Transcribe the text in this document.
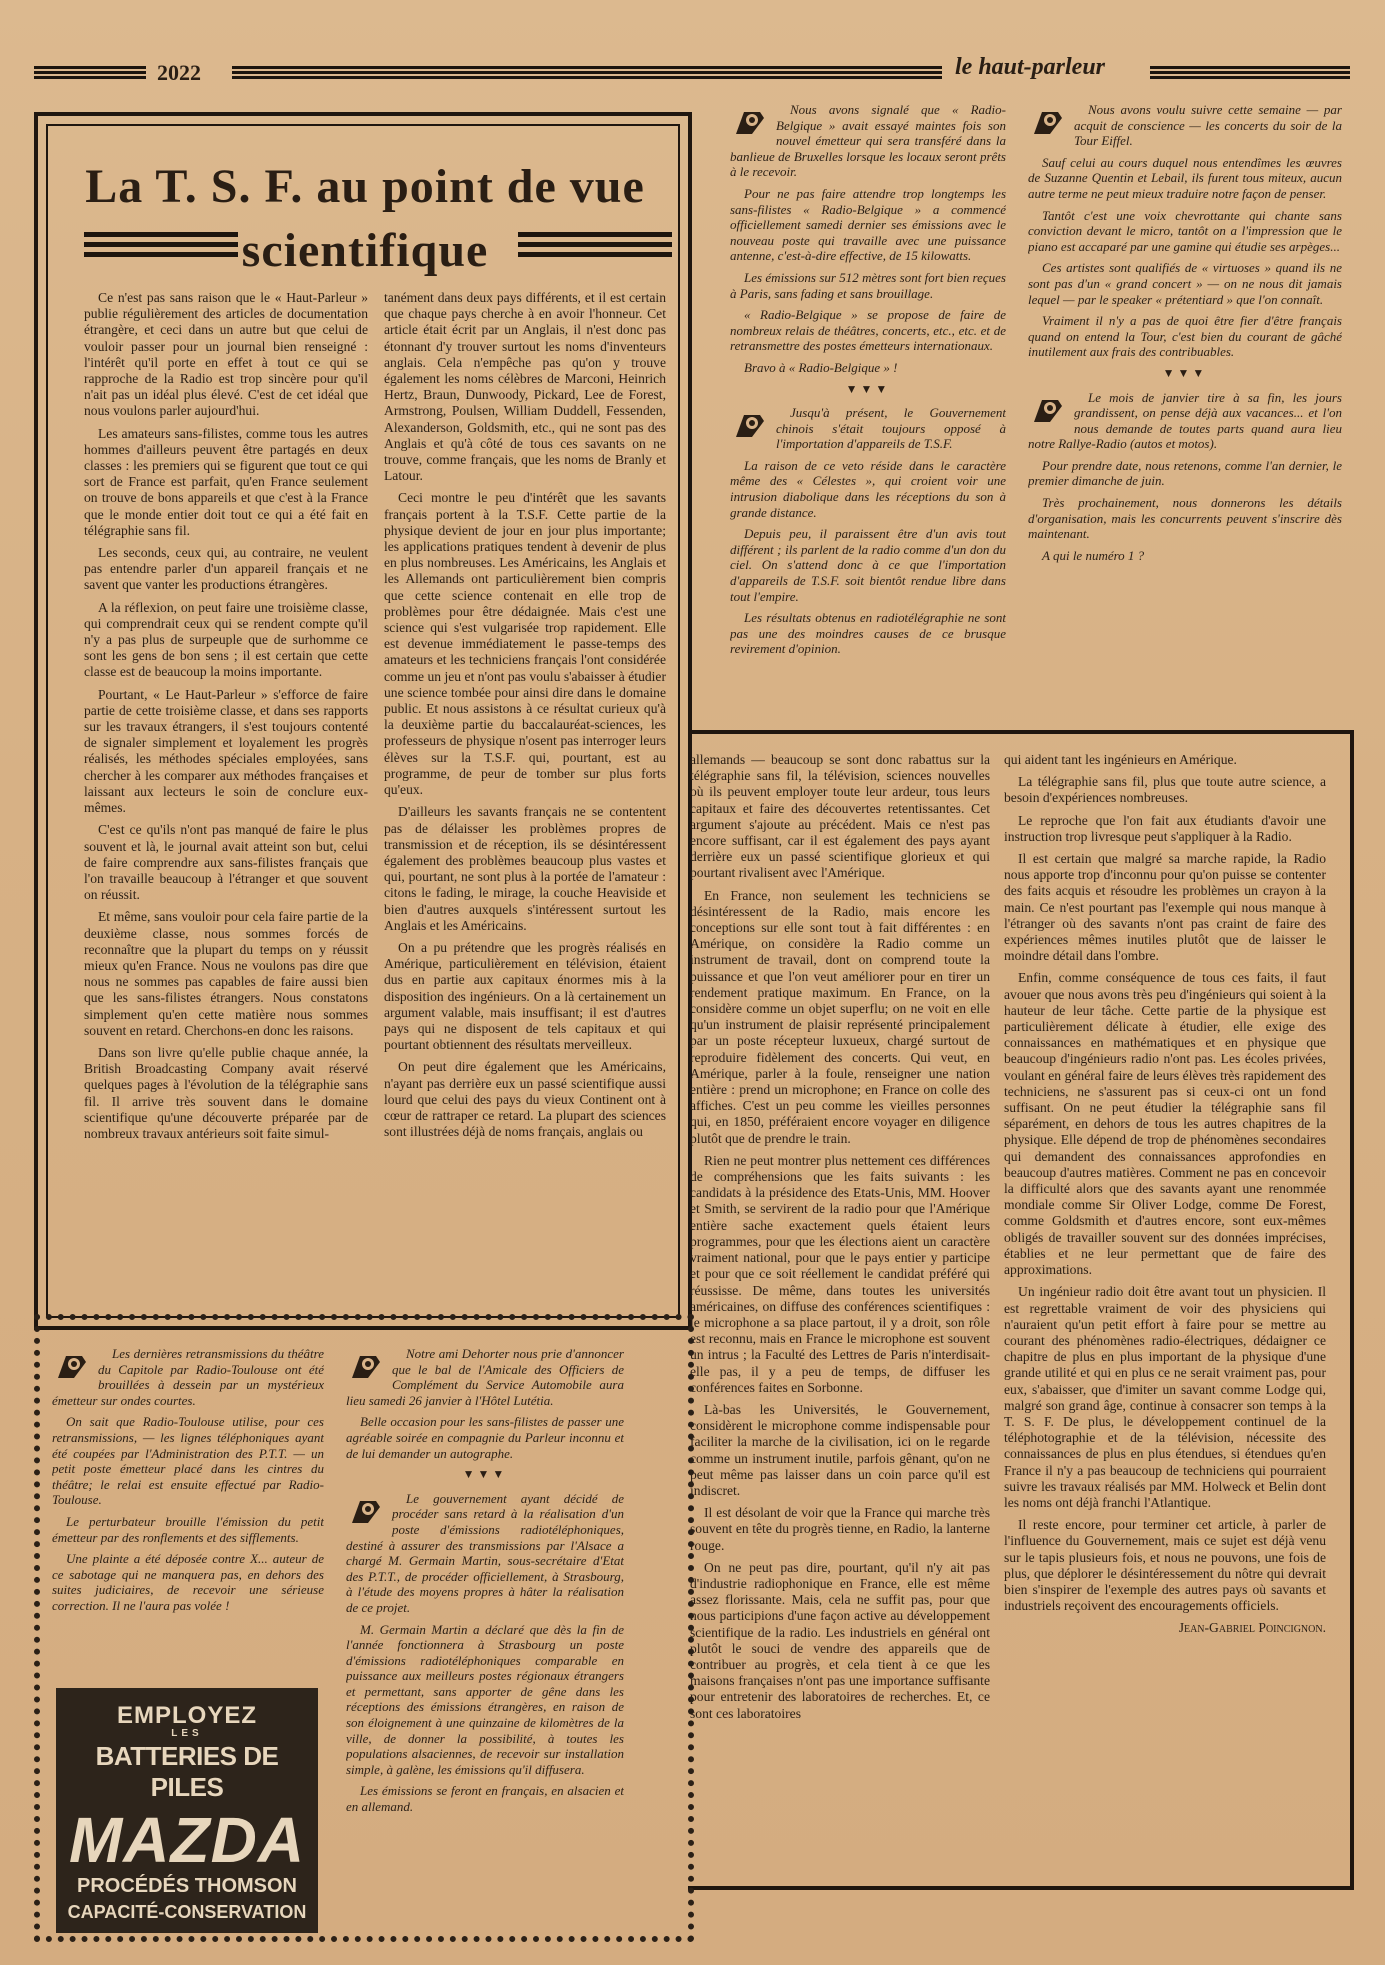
2022	le haut-parleur
La T. S. F. au point de vue
scientifique

Ce n'est pas sans raison que le « Haut-Parleur » publie régulièrement des articles de documentation étrangère, et ceci dans un autre but que celui de vouloir passer pour un journal bien renseigné : l'intérêt qu'il porte en effet à tout ce qui se rapproche de la Radio est trop sincère pour qu'il n'ait pas un idéal plus élevé. C'est de cet idéal que nous voulons parler aujourd'hui.

Les amateurs sans-filistes, comme tous les autres hommes d'ailleurs peuvent être partagés en deux classes : les premiers qui se figurent que tout ce qui sort de France est parfait, qu'en France seulement on trouve de bons appareils et que c'est à la France que le monde entier doit tout ce qui a été fait en télégraphie sans fil.

Les seconds, ceux qui, au contraire, ne veulent pas entendre parler d'un appareil français et ne savent que vanter les productions étrangères.

A la réflexion, on peut faire une troisième classe, qui comprendrait ceux qui se rendent compte qu'il n'y a pas plus de surpeuple que de surhomme ce sont les gens de bon sens ; il est certain que cette classe est de beaucoup la moins importante.

Pourtant, « Le Haut-Parleur » s'efforce de faire partie de cette troisième classe, et dans ses rapports sur les travaux étrangers, il s'est toujours contenté de signaler simplement et loyalement les progrès réalisés, les méthodes spéciales employées, sans chercher à les comparer aux méthodes françaises et laissant aux lecteurs le soin de conclure eux-mêmes.

C'est ce qu'ils n'ont pas manqué de faire le plus souvent et là, le journal avait atteint son but, celui de faire comprendre aux sans-filistes français que l'on travaille beaucoup à l'étranger et que souvent on réussit.

Et même, sans vouloir pour cela faire partie de la deuxième classe, nous sommes forcés de reconnaître que la plupart du temps on y réussit mieux qu'en France. Nous ne voulons pas dire que nous ne sommes pas capables de faire aussi bien que les sans-filistes étrangers. Nous constatons simplement qu'en cette matière nous sommes souvent en retard. Cherchons-en donc les raisons.

Dans son livre qu'elle publie chaque année, la British Broadcasting Company avait réservé quelques pages à l'évolution de la télégraphie sans fil. Il arrive très souvent dans le domaine scientifique qu'une découverte préparée par de nombreux travaux antérieurs soit faite simul-

tanément dans deux pays différents, et il est certain que chaque pays cherche à en avoir l'honneur. Cet article était écrit par un Anglais, il n'est donc pas étonnant d'y trouver surtout les noms d'inventeurs anglais. Cela n'empêche pas qu'on y trouve également les noms célèbres de Marconi, Heinrich Hertz, Braun, Dunwoody, Pickard, Lee de Forest, Armstrong, Poulsen, William Duddell, Fessenden, Alexanderson, Goldsmith, etc., qui ne sont pas des Anglais et qu'à côté de tous ces savants on ne trouve, comme français, que les noms de Branly et Latour.

Ceci montre le peu d'intérêt que les savants français portent à la T.S.F. Cette partie de la physique devient de jour en jour plus importante; les applications pratiques tendent à devenir de plus en plus nombreuses. Les Américains, les Anglais et les Allemands ont particulièrement bien compris que cette science contenait en elle trop de problèmes pour être dédaignée. Mais c'est une science qui s'est vulgarisée trop rapidement. Elle est devenue immédiatement le passe-temps des amateurs et les techniciens français l'ont considérée comme un jeu et n'ont pas voulu s'abaisser à étudier une science tombée pour ainsi dire dans le domaine public. Et nous assistons à ce résultat curieux qu'à la deuxième partie du baccalauréat-sciences, les professeurs de physique n'osent pas interroger leurs élèves sur la T.S.F. qui, pourtant, est au programme, de peur de tomber sur plus forts qu'eux.

D'ailleurs les savants français ne se contentent pas de délaisser les problèmes propres de transmission et de réception, ils se désintéressent également des problèmes beaucoup plus vastes et qui, pourtant, ne sont plus à la portée de l'amateur : citons le fading, le mirage, la couche Heaviside et bien d'autres auxquels s'intéressent surtout les Anglais et les Américains.

On a pu prétendre que les progrès réalisés en Amérique, particulièrement en télévision, étaient dus en partie aux capitaux énormes mis à la disposition des ingénieurs. On a là certainement un argument valable, mais insuffisant; il est d'autres pays qui ne disposent de tels capitaux et qui pourtant obtiennent des résultats merveilleux.

On peut dire également que les Américains, n'ayant pas derrière eux un passé scientifique aussi lourd que celui des pays du vieux Continent ont à cœur de rattraper ce retard. La plupart des sciences sont illustrées déjà de noms français, anglais ou

allemands — beaucoup se sont donc rabattus sur la télégraphie sans fil, la télévision, sciences nouvelles où ils peuvent employer toute leur ardeur, tous leurs capitaux et faire des découvertes retentissantes. Cet argument s'ajoute au précédent. Mais ce n'est pas encore suffisant, car il est également des pays ayant derrière eux un passé scientifique glorieux et qui pourtant rivalisent avec l'Amérique.

En France, non seulement les techniciens se désintéressent de la Radio, mais encore les conceptions sur elle sont tout à fait différentes : en Amérique, on considère la Radio comme un instrument de travail, dont on comprend toute la puissance et que l'on veut améliorer pour en tirer un rendement pratique maximum. En France, on la considère comme un objet superflu; on ne voit en elle qu'un instrument de plaisir représenté principalement par un poste récepteur luxueux, chargé surtout de reproduire fidèlement des concerts. Qui veut, en Amérique, parler à la foule, renseigner une nation entière : prend un microphone; en France on colle des affiches. C'est un peu comme les vieilles personnes qui, en 1850, préféraient encore voyager en diligence plutôt que de prendre le train.

Rien ne peut montrer plus nettement ces différences de compréhensions que les faits suivants : les candidats à la présidence des Etats-Unis, MM. Hoover et Smith, se servirent de la radio pour que l'Amérique entière sache exactement quels étaient leurs programmes, pour que les élections aient un caractère vraiment national, pour que le pays entier y participe et pour que ce soit réellement le candidat préféré qui réussisse. De même, dans toutes les universités américaines, on diffuse des conférences scientifiques : le microphone a sa place partout, il y a droit, son rôle est reconnu, mais en France le microphone est souvent un intrus ; la Faculté des Lettres de Paris n'interdisait-elle pas, il y a peu de temps, de diffuser les conférences faites en Sorbonne.

Là-bas les Universités, le Gouvernement, considèrent le microphone comme indispensable pour faciliter la marche de la civilisation, ici on le regarde comme un instrument inutile, parfois gênant, qu'on ne peut même pas laisser dans un coin parce qu'il est indiscret.

Il est désolant de voir que la France qui marche très souvent en tête du progrès tienne, en Radio, la lanterne rouge.

On ne peut pas dire, pourtant, qu'il n'y ait pas d'industrie radiophonique en France, elle est même assez florissante. Mais, cela ne suffit pas, pour que nous participions d'une façon active au développement scientifique de la radio. Les industriels en général ont plutôt le souci de vendre des appareils que de contribuer au progrès, et cela tient à ce que les maisons françaises n'ont pas une importance suffisante pour entretenir des laboratoires de recherches. Et, ce sont ces laboratoires

qui aident tant les ingénieurs en Amérique.

La télégraphie sans fil, plus que toute autre science, a besoin d'expériences nombreuses.

Le reproche que l'on fait aux étudiants d'avoir une instruction trop livresque peut s'appliquer à la Radio.

Il est certain que malgré sa marche rapide, la Radio nous apporte trop d'inconnu pour qu'on puisse se contenter des faits acquis et résoudre les problèmes un crayon à la main. Ce n'est pourtant pas l'exemple qui nous manque à l'étranger où des savants n'ont pas craint de faire des expériences mêmes inutiles plutôt que de laisser le moindre détail dans l'ombre.

Enfin, comme conséquence de tous ces faits, il faut avouer que nous avons très peu d'ingénieurs qui soient à la hauteur de leur tâche. Cette partie de la physique est particulièrement délicate à étudier, elle exige des connaissances en mathématiques et en physique que beaucoup d'ingénieurs radio n'ont pas. Les écoles privées, voulant en général faire de leurs élèves très rapidement des techniciens, ne s'assurent pas si ceux-ci ont un fond suffisant. On ne peut étudier la télégraphie sans fil séparément, en dehors de tous les autres chapitres de la physique. Elle dépend de trop de phénomènes secondaires qui demandent des connaissances approfondies en beaucoup d'autres matières. Comment ne pas en concevoir la difficulté alors que des savants ayant une renommée mondiale comme Sir Oliver Lodge, comme De Forest, comme Goldsmith et d'autres encore, sont eux-mêmes obligés de travailler souvent sur des données imprécises, établies et ne leur permettant que de faire des approximations.

Un ingénieur radio doit être avant tout un physicien. Il est regrettable vraiment de voir des physiciens qui n'auraient qu'un petit effort à faire pour se mettre au courant des phénomènes radio-électriques, dédaigner ce chapitre de plus en plus important de la physique d'une grande utilité et qui en plus ce ne serait vraiment pas, pour eux, s'abaisser, que d'imiter un savant comme Lodge qui, malgré son grand âge, continue à consacrer son temps à la T. S. F. De plus, le développement continuel de la téléphotographie et de la télévision, nécessite des connaissances de plus en plus étendues, si étendues qu'en France il n'y a pas beaucoup de techniciens qui pourraient suivre les travaux réalisés par MM. Holweck et Belin dont les noms ont déjà franchi l'Atlantique.

Il reste encore, pour terminer cet article, à parler de l'influence du Gouvernement, mais ce sujet est déjà venu sur le tapis plusieurs fois, et nous ne pouvons, une fois de plus, que déplorer le désintéressement du nôtre qui devrait bien s'inspirer de l'exemple des autres pays où savants et industriels reçoivent des encouragements officiels.

Jean-Gabriel Poincignon.

Nous avons signalé que « Radio-Belgique » avait essayé maintes fois son nouvel émetteur qui sera transféré dans la banlieue de Bruxelles lorsque les locaux seront prêts à le recevoir.

Pour ne pas faire attendre trop longtemps les sans-filistes « Radio-Belgique » a commencé officiellement samedi dernier ses émissions avec le nouveau poste qui travaille avec une puissance antenne, c'est-à-dire effective, de 15 kilowatts.

Les émissions sur 512 mètres sont fort bien reçues à Paris, sans fading et sans brouillage.

« Radio-Belgique » se propose de faire de nombreux relais de théâtres, concerts, etc., etc. et de retransmettre des postes émetteurs internationaux.

Bravo à « Radio-Belgique » !

▼▼▼

Jusqu'à présent, le Gouvernement chinois s'était toujours opposé à l'importation d'appareils de T.S.F.

La raison de ce veto réside dans le caractère même des « Célestes », qui croient voir une intrusion diabolique dans les réceptions du son à grande distance.

Depuis peu, il paraissent être d'un avis tout différent ; ils parlent de la radio comme d'un don du ciel. On s'attend donc à ce que l'importation d'appareils de T.S.F. soit bientôt rendue libre dans tout l'empire.

Les résultats obtenus en radiotélégraphie ne sont pas une des moindres causes de ce brusque revirement d'opinion.

Nous avons voulu suivre cette semaine — par acquit de conscience — les concerts du soir de la Tour Eiffel.

Sauf celui au cours duquel nous entendîmes les œuvres de Suzanne Quentin et Lebail, ils furent tous miteux, aucun autre terme ne peut mieux traduire notre façon de penser.

Tantôt c'est une voix chevrottante qui chante sans conviction devant le micro, tantôt on a l'impression que le piano est accaparé par une gamine qui étudie ses arpèges...

Ces artistes sont qualifiés de « virtuoses » quand ils ne sont pas d'un « grand concert » — on ne nous dit jamais lequel — par le speaker « prétentiard » que l'on connaît.

Vraiment il n'y a pas de quoi être fier d'être français quand on entend la Tour, c'est bien du courant de gâché inutilement aux frais des contribuables.

▼▼▼

Le mois de janvier tire à sa fin, les jours grandissent, on pense déjà aux vacances... et l'on nous demande de toutes parts quand aura lieu notre Rallye-Radio (autos et motos).

Pour prendre date, nous retenons, comme l'an dernier, le premier dimanche de juin.

Très prochainement, nous donnerons les détails d'organisation, mais les concurrents peuvent s'inscrire dès maintenant.

A qui le numéro 1 ?

Les dernières retransmissions du théâtre du Capitole par Radio-Toulouse ont été brouillées à dessein par un mystérieux émetteur sur ondes courtes.

On sait que Radio-Toulouse utilise, pour ces retransmissions, — les lignes téléphoniques ayant été coupées par l'Administration des P.T.T. — un petit poste émetteur placé dans les cintres du théâtre; le relai est ensuite effectué par Radio-Toulouse.

Le perturbateur brouille l'émission du petit émetteur par des ronflements et des sifflements.

Une plainte a été déposée contre X... auteur de ce sabotage qui ne manquera pas, en dehors des suites judiciaires, de recevoir une sérieuse correction. Il ne l'aura pas volée !

EMPLOYEZ
LES
BATTERIES DE PILES
MAZDA
PROCÉDÉS THOMSON
CAPACITÉ-CONSERVATION

Notre ami Dehorter nous prie d'annoncer que le bal de l'Amicale des Officiers de Complément du Service Automobile aura lieu samedi 26 janvier à l'Hôtel Lutétia.

Belle occasion pour les sans-filistes de passer une agréable soirée en compagnie du Parleur inconnu et de lui demander un autographe.

▼▼▼

Le gouvernement ayant décidé de procéder sans retard à la réalisation d'un poste d'émissions radiotéléphoniques, destiné à assurer des transmissions par l'Alsace a chargé M. Germain Martin, sous-secrétaire d'Etat des P.T.T., de procéder officiellement, à Strasbourg, à l'étude des moyens propres à hâter la réalisation de ce projet.

M. Germain Martin a déclaré que dès la fin de l'année fonctionnera à Strasbourg un poste d'émissions radiotéléphoniques comparable en puissance aux meilleurs postes régionaux étrangers et permettant, sans apporter de gêne dans les réceptions des émissions étrangères, en raison de son éloignement à une quinzaine de kilomètres de la ville, de donner la possibilité, à toutes les populations alsaciennes, de recevoir sur installation simple, à galène, les émissions qu'il diffusera.

Les émissions se feront en français, en alsacien et en allemand.
